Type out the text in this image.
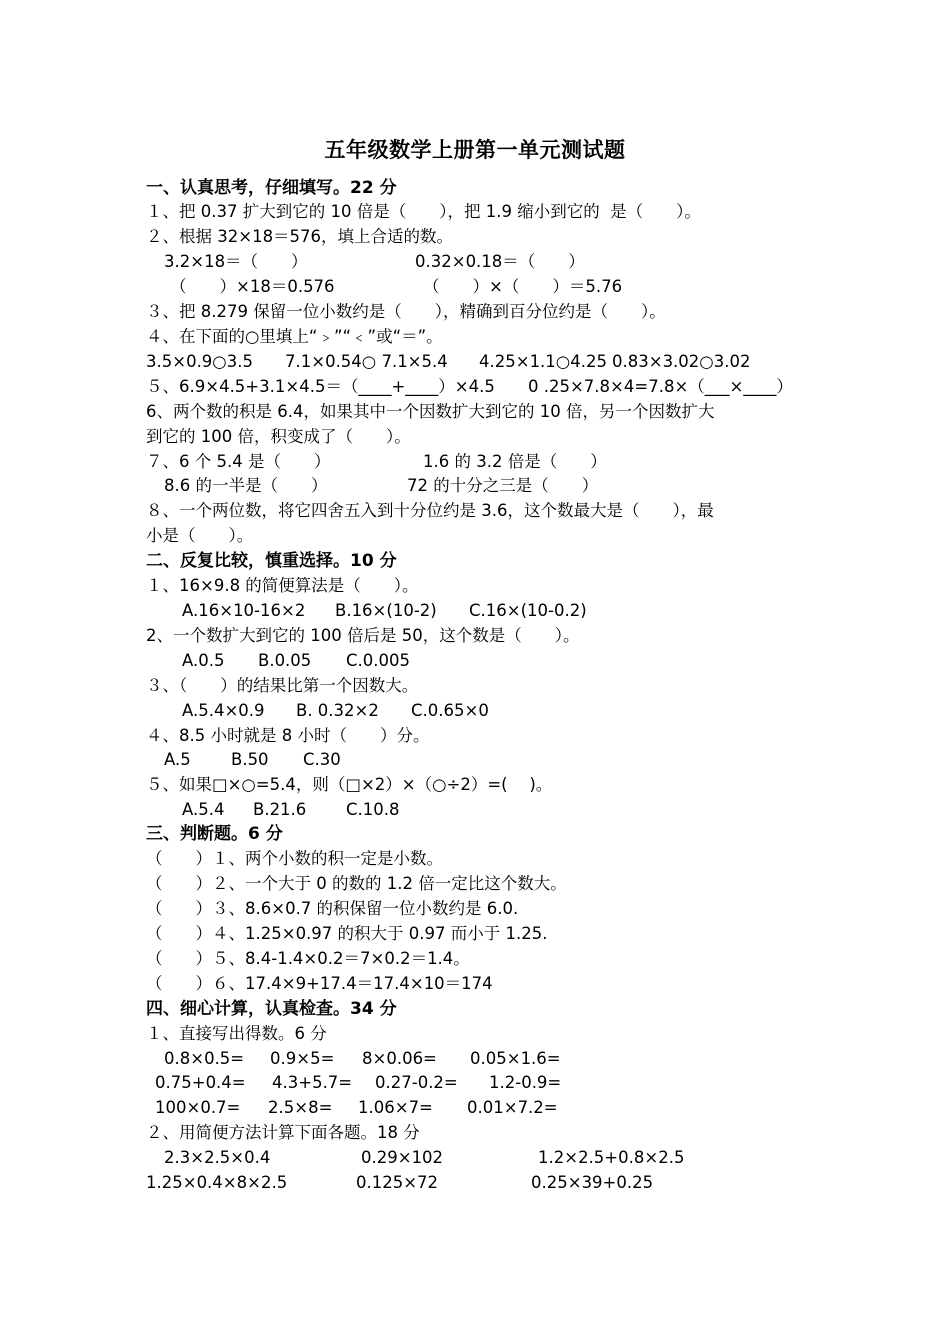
五年级数学上册第一单元测试题
一、认真思考，仔细填写。22 分
１、把 0.37 扩大到它的 10 倍是（　　），把 1.9 缩小到它的  是（　　）。
２、根据 32×18＝576，填上合适的数。
3.2×18＝（　　）	0.32×0.18＝（　　）
（　　）×18＝0.576	（　　）×（　　）＝5.76
３、把 8.279 保留一位小数约是（　　），精确到百分位约是（　　）。
４、在下面的○里填上“﹥”“﹤”或“＝”。
3.5×0.9○3.5 7.1×0.54○ 7.1×5.4 4.25×1.1○4.25 0.83×3.02○3.02
５、6.9×4.5+3.1×4.5＝（____+____）×4.5 0 .25×7.8×4=7.8×（___×____）
6、两个数的积是 6.4，如果其中一个因数扩大到它的 10 倍，另一个因数扩大
到它的 100 倍，积变成了（　　）。
７、6 个 5.4 是（　　）	1.6 的 3.2 倍是（　　）
8.6 的一半是（　　）	72 的十分之三是（　　）
８、一个两位数，将它四舍五入到十分位约是 3.6，这个数最大是（　　），最
小是（　　）。
二、反复比较，慎重选择。10 分
１、16×9.8 的简便算法是（　　）。
A.16×10-16×2 B.16×(10-2) C.16×(10-0.2)
2、一个数扩大到它的 100 倍后是 50，这个数是（　　）。
A.0.5 B.0.05 C.0.005
３、（　　）的结果比第一个因数大。
A.5.4×0.9 B. 0.32×2 C.0.65×0
４、8.5 小时就是 8 小时（　　）分。
A.5 B.50 C.30
５、如果□×○=5.4，则（□×2）×（○÷2）=(　 )。
A.5.4 B.21.6 C.10.8
三、判断题。6 分
（　　）１、两个小数的积一定是小数。
（　　）２、一个大于 0 的数的 1.2 倍一定比这个数大。
（　　）３、8.6×0.7 的积保留一位小数约是 6.0.
（　　）４、1.25×0.97 的积大于 0.97 而小于 1.25.
（　　）５、8.4-1.4×0.2＝7×0.2＝1.4。
（　　）６、17.4×9+17.4＝17.4×10＝174
四、细心计算，认真检查。34 分
１、直接写出得数。6 分
0.8×0.5= 0.9×5= 8×0.06= 0.05×1.6=
0.75+0.4= 4.3+5.7= 0.27-0.2= 1.2-0.9=
100×0.7= 2.5×8= 1.06×7= 0.01×7.2=
２、用简便方法计算下面各题。18 分
2.3×2.5×0.4	0.29×102	1.2×2.5+0.8×2.5
1.25×0.4×8×2.5	0.125×72	0.25×39+0.25
